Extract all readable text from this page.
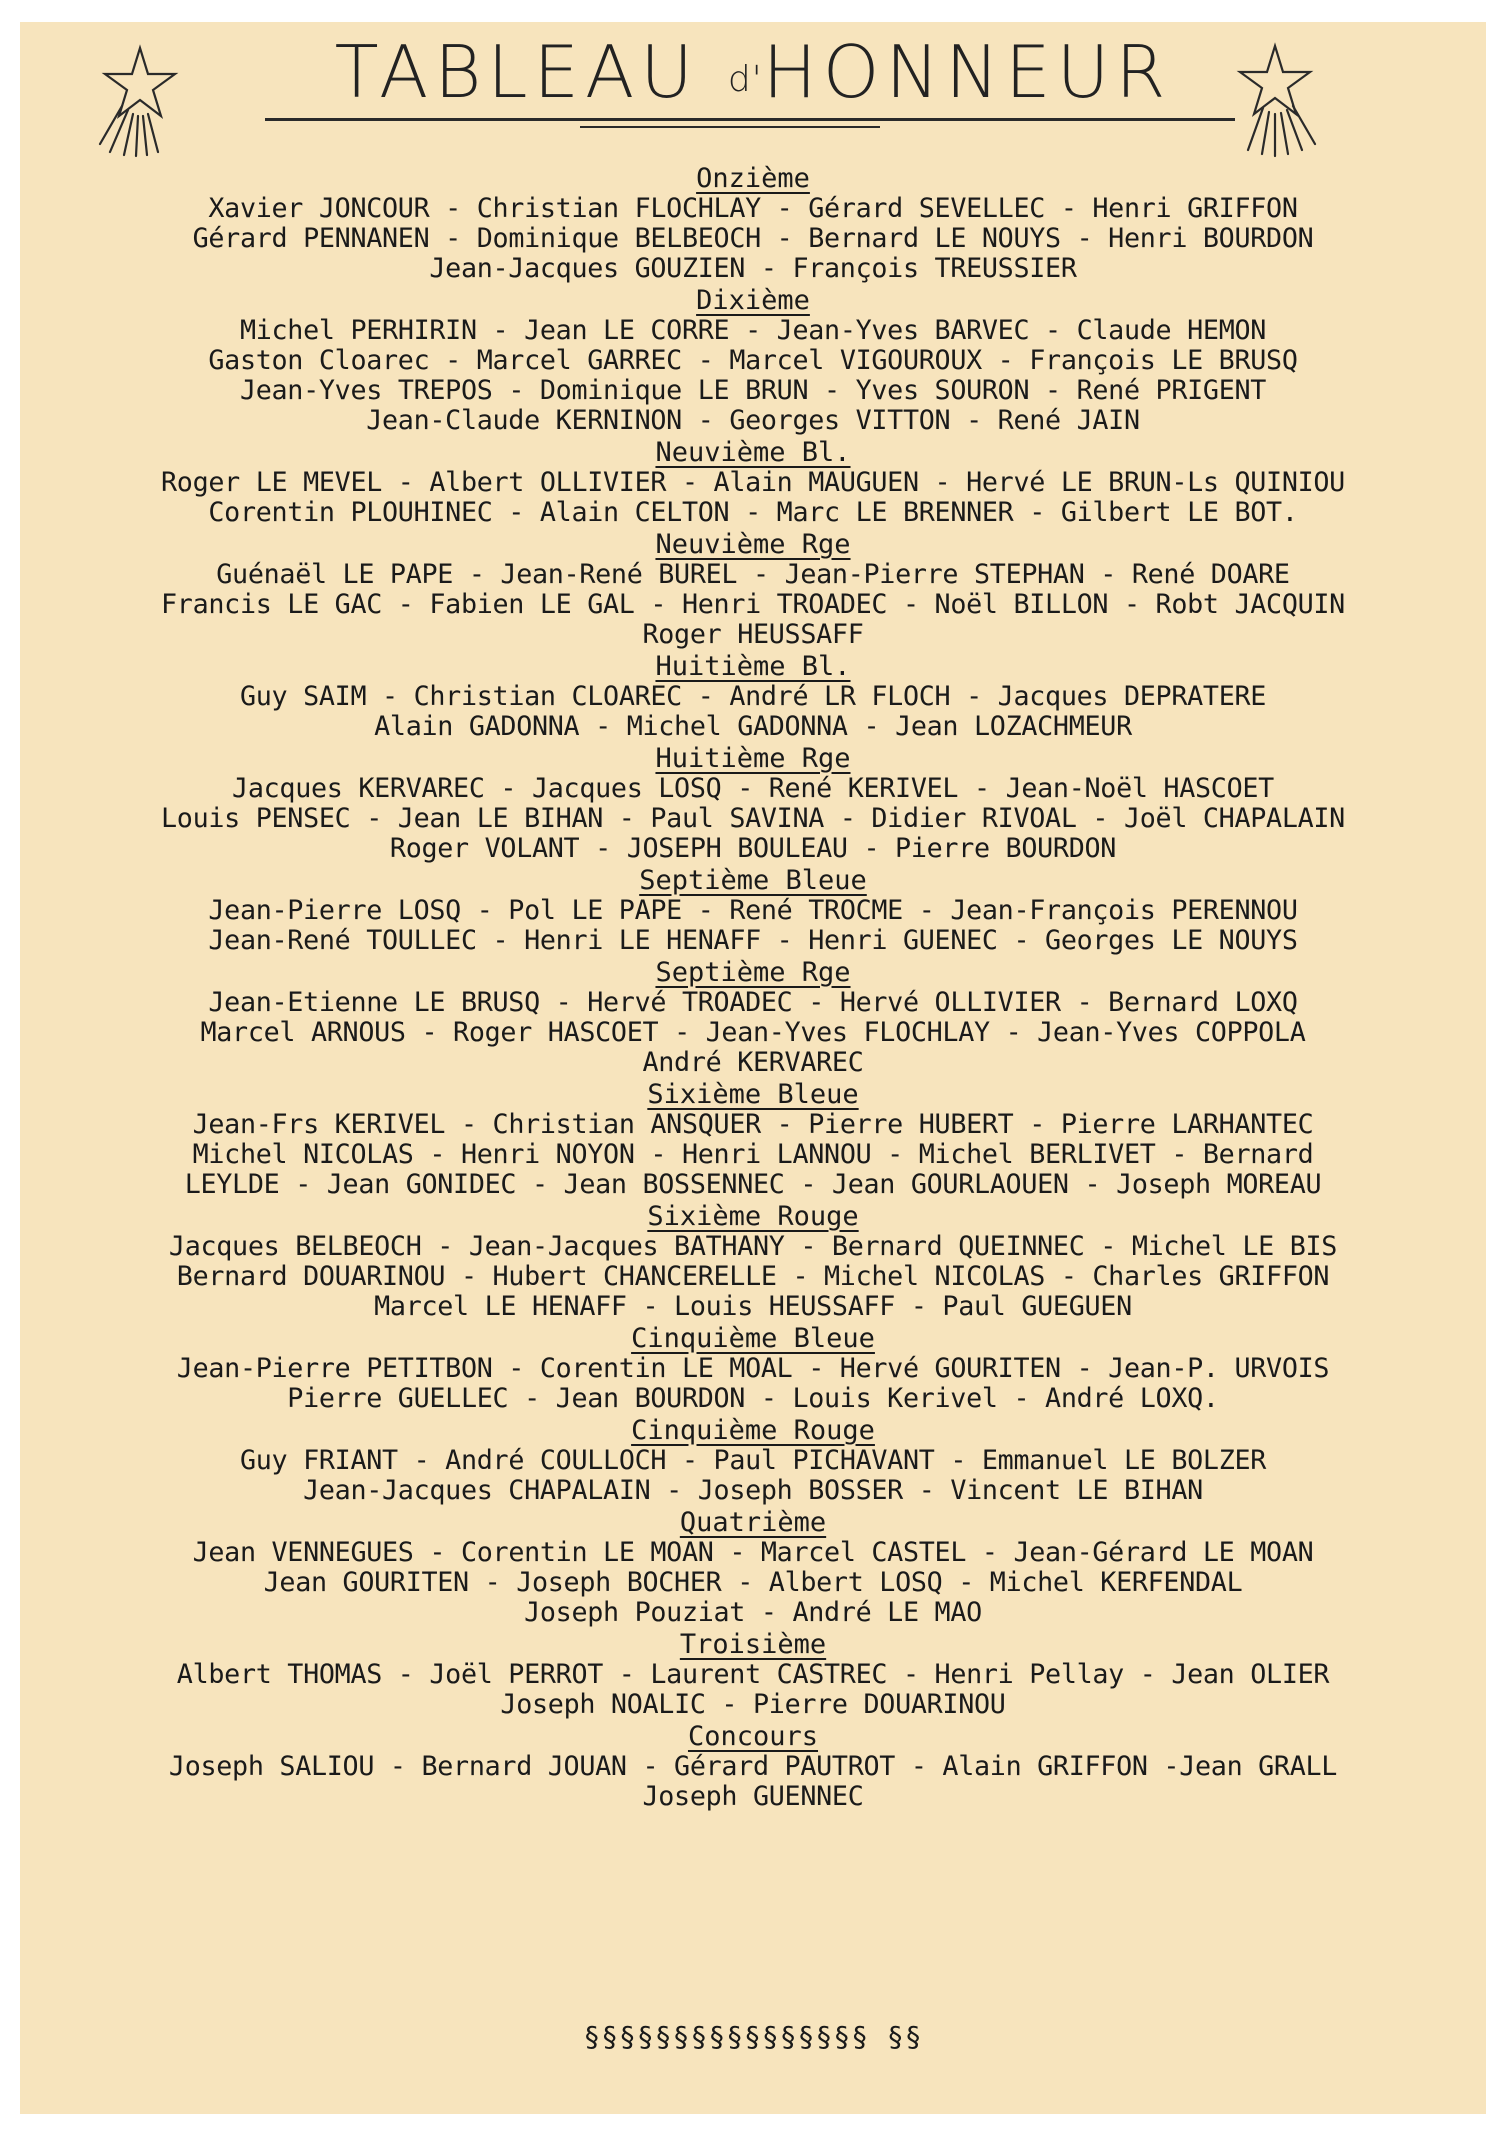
TABLEAU d'HONNEUR
Onzième
Xavier JONCOUR - Christian FLOCHLAY - Gérard SEVELLEC - Henri GRIFFON
Gérard PENNANEN - Dominique BELBEOCH - Bernard LE NOUYS - Henri BOURDON
Jean-Jacques GOUZIEN - François TREUSSIER
Dixième
Michel PERHIRIN - Jean LE CORRE - Jean-Yves BARVEC - Claude HEMON
Gaston Cloarec - Marcel GARREC - Marcel VIGOUROUX - François LE BRUSQ
Jean-Yves TREPOS - Dominique LE BRUN - Yves SOURON - René PRIGENT
Jean-Claude KERNINON - Georges VITTON - René JAIN
Neuvième Bl.
Roger LE MEVEL - Albert OLLIVIER - Alain MAUGUEN - Hervé LE BRUN-Ls QUINIOU
Corentin PLOUHINEC - Alain CELTON - Marc LE BRENNER - Gilbert LE BOT.
Neuvième Rge
Guénaël LE PAPE - Jean-René BUREL - Jean-Pierre STEPHAN - René DOARE
Francis LE GAC - Fabien LE GAL - Henri TROADEC - Noël BILLON - Robt JACQUIN
Roger HEUSSAFF
Huitième Bl.
Guy SAIM - Christian CLOAREC - André LR FLOCH - Jacques DEPRATERE
Alain GADONNA - Michel GADONNA - Jean LOZACHMEUR
Huitième Rge
Jacques KERVAREC - Jacques LOSQ - René KERIVEL - Jean-Noël HASCOET
Louis PENSEC - Jean LE BIHAN - Paul SAVINA - Didier RIVOAL - Joël CHAPALAIN
Roger VOLANT - JOSEPH BOULEAU - Pierre BOURDON
Septième Bleue
Jean-Pierre LOSQ - Pol LE PAPE - René TROCME - Jean-François PERENNOU
Jean-René TOULLEC - Henri LE HENAFF - Henri GUENEC - Georges LE NOUYS
Septième Rge
Jean-Etienne LE BRUSQ - Hervé TROADEC - Hervé OLLIVIER - Bernard LOXQ
Marcel ARNOUS - Roger HASCOET - Jean-Yves FLOCHLAY - Jean-Yves COPPOLA
André KERVAREC
Sixième Bleue
Jean-Frs KERIVEL - Christian ANSQUER - Pierre HUBERT - Pierre LARHANTEC
Michel NICOLAS - Henri NOYON - Henri LANNOU - Michel BERLIVET - Bernard
LEYLDE - Jean GONIDEC - Jean BOSSENNEC - Jean GOURLAOUEN - Joseph MOREAU
Sixième Rouge
Jacques BELBEOCH - Jean-Jacques BATHANY - Bernard QUEINNEC - Michel LE BIS
Bernard DOUARINOU - Hubert CHANCERELLE - Michel NICOLAS - Charles GRIFFON
Marcel LE HENAFF - Louis HEUSSAFF - Paul GUEGUEN
Cinquième Bleue
Jean-Pierre PETITBON - Corentin LE MOAL - Hervé GOURITEN - Jean-P. URVOIS
Pierre GUELLEC - Jean BOURDON - Louis Kerivel - André LOXQ.
Cinquième Rouge
Guy FRIANT - André COULLOCH - Paul PICHAVANT - Emmanuel LE BOLZER
Jean-Jacques CHAPALAIN - Joseph BOSSER - Vincent LE BIHAN
Quatrième
Jean VENNEGUES - Corentin LE MOAN - Marcel CASTEL - Jean-Gérard LE MOAN
Jean GOURITEN - Joseph BOCHER - Albert LOSQ - Michel KERFENDAL
Joseph Pouziat - André LE MAO
Troisième
Albert THOMAS - Joël PERROT - Laurent CASTREC - Henri Pellay - Jean OLIER
Joseph NOALIC - Pierre DOUARINOU
Concours
Joseph SALIOU - Bernard JOUAN - Gérard PAUTROT - Alain GRIFFON -Jean GRALL
Joseph GUENNEC
§§§§§§§§§§§§§§§§ §§
